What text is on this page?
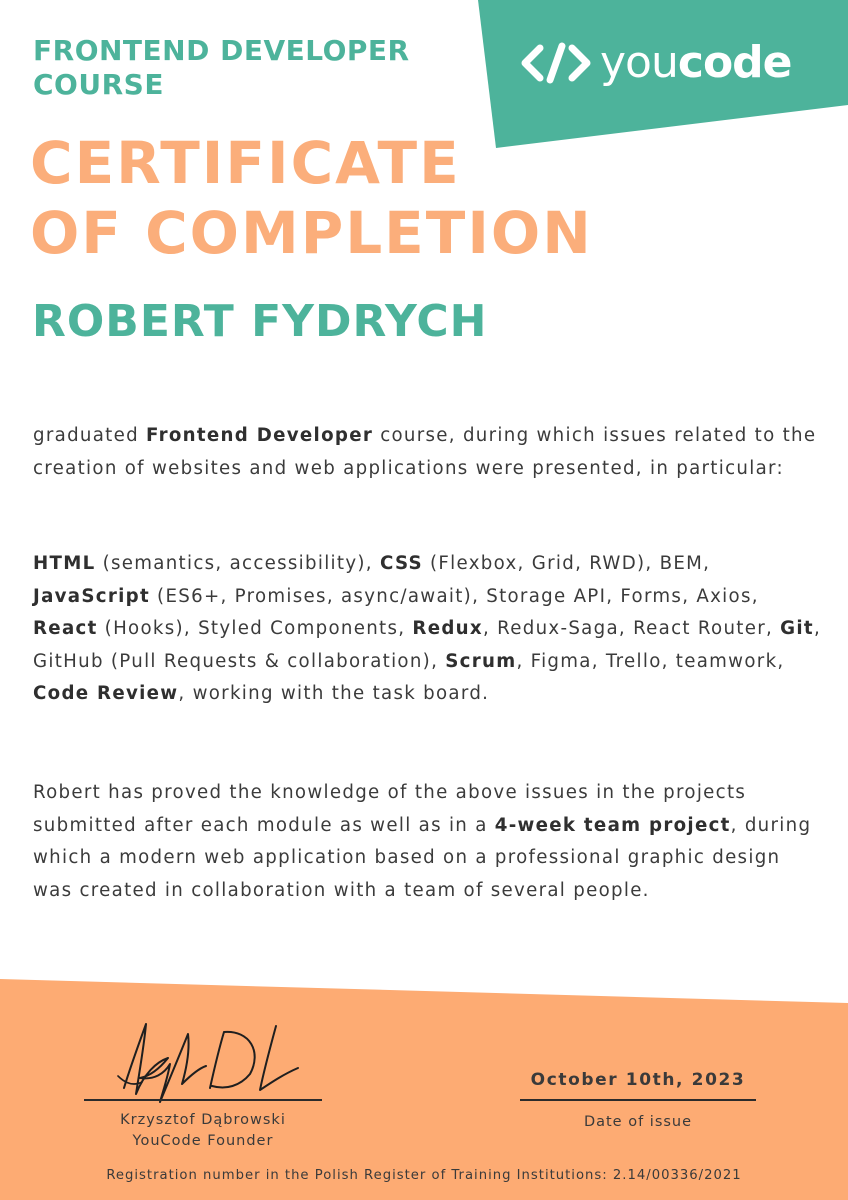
youcode
FRONTEND DEVELOPER COURSE
CERTIFICATE
OF COMPLETION
ROBERT FYDRYCH

graduated Frontend Developer course, during which issues related to the creation of websites and web applications were presented, in particular:

HTML (semantics, accessibility), CSS (Flexbox, Grid, RWD), BEM, JavaScript (ES6+, Promises, async/await), Storage API, Forms, Axios, React (Hooks), Styled Components, Redux, Redux-Saga, React Router, Git, GitHub (Pull Requests & collaboration), Scrum, Figma, Trello, teamwork, Code Review, working with the task board.

Robert has proved the knowledge of the above issues in the projects submitted after each module as well as in a 4-week team project, during which a modern web application based on a professional graphic design was created in collaboration with a team of several people.

Krzysztof Dąbrowski

YouCode Founder

October 10th, 2023

Date of issue

Registration number in the Polish Register of Training Institutions: 2.14/00336/2021
